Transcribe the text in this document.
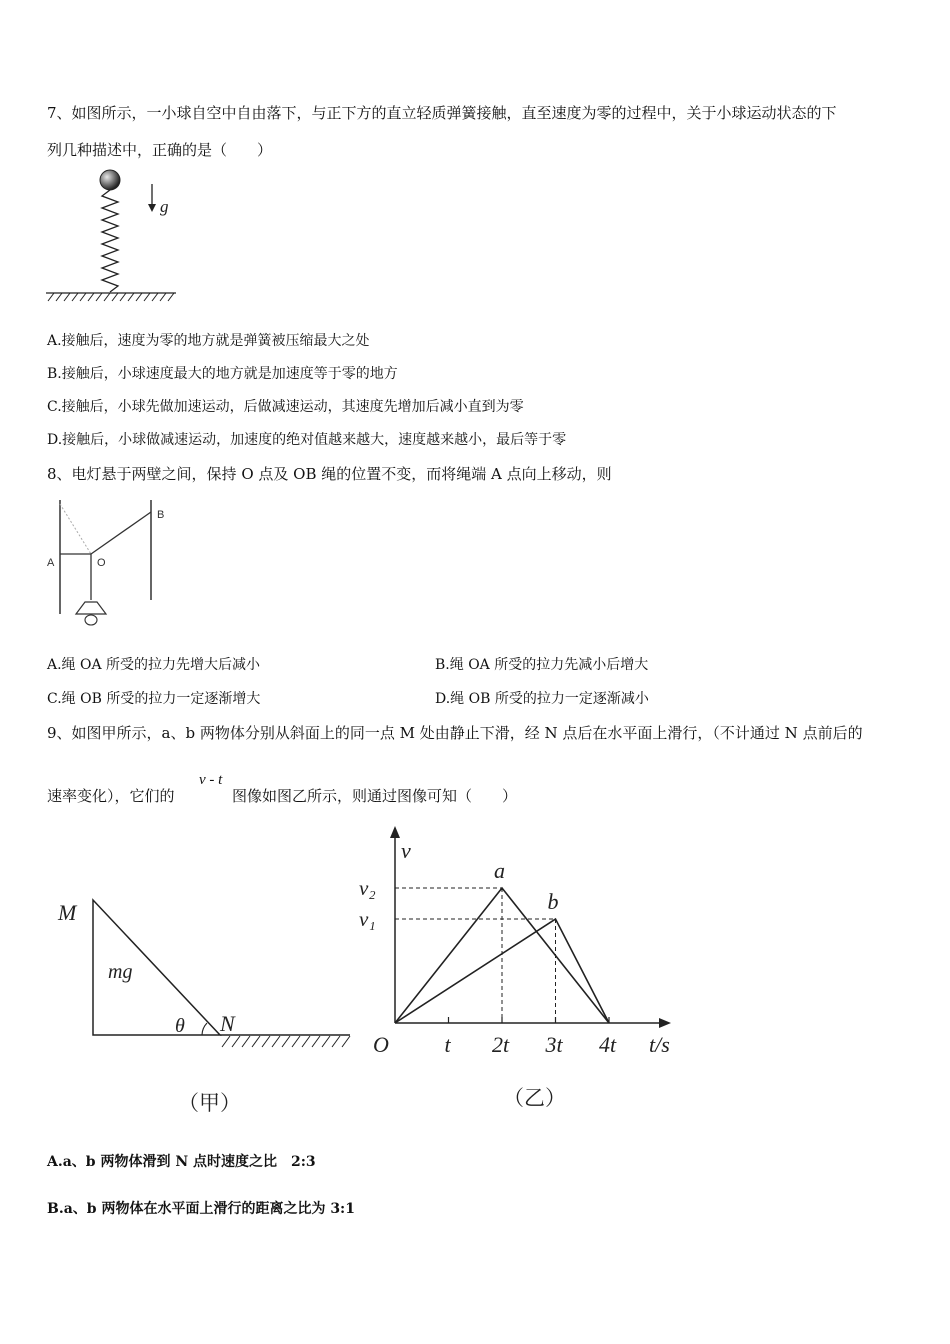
7、如图所示，一小球自空中自由落下，与正下方的直立轻质弹簧接触，直至速度为零的过程中，关于小球运动状态的下
列几种描述中，正确的是（　　）
g
A.接触后，速度为零的地方就是弹簧被压缩最大之处
B.接触后，小球速度最大的地方就是加速度等于零的地方
C.接触后，小球先做加速运动，后做减速运动，其速度先增加后减小直到为零
D.接触后，小球做减速运动，加速度的绝对值越来越大，速度越来越小，最后等于零
8、电灯悬于两壁之间，保持 O 点及 OB 绳的位置不变，而将绳端 A 点向上移动，则
A	O
B
A.绳 OA 所受的拉力先增大后减小	B.绳 OA 所受的拉力先减小后增大
C.绳 OB 所受的拉力一定逐渐增大	D.绳 OB 所受的拉力一定逐渐减小
9、如图甲所示，a、b 两物体分别从斜面上的同一点 M 处由静止下滑，经 N 点后在水平面上滑行，（不计通过 N 点前后的
速率变化），它们的
v - t
图像如图乙所示，则通过图像可知（　　）
M
mg
θ N
（甲）
v
t/s
O	t 2t 3t 4t
v₂
v₁
a
b
（乙）
A.a、b 两物体滑到 N 点时速度之比　2:3
B.a、b 两物体在水平面上滑行的距离之比为 3:1
